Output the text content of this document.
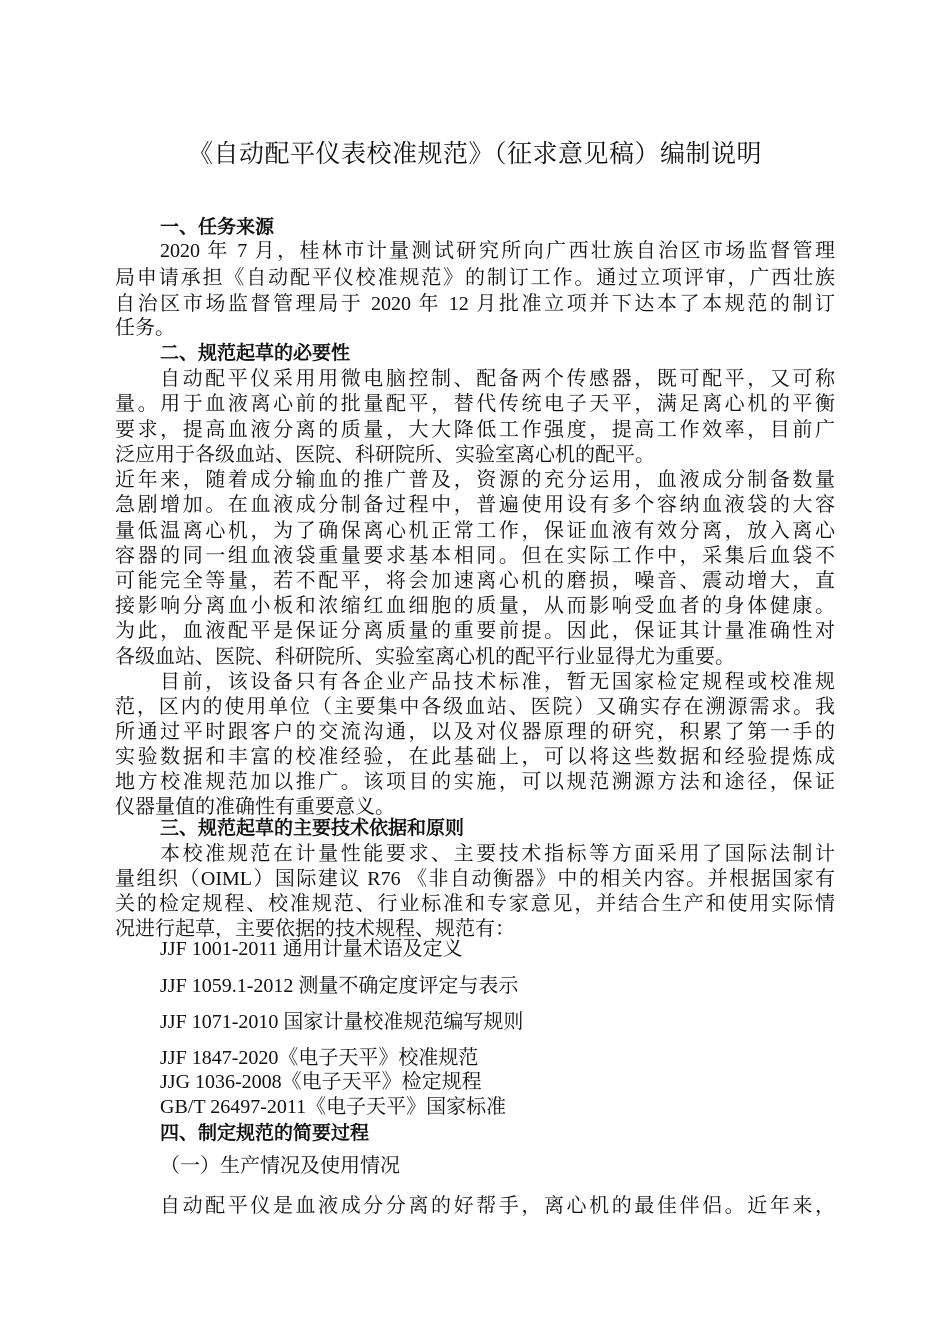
《自动配平仪表校准规范》（征求意见稿）编制说明
一、任务来源
2020 年 7 月，桂林市计量测试研究所向广西壮族自治区市场监督管理
局申请承担《自动配平仪校准规范》的制订工作。通过立项评审，广西壮族
自治区市场监督管理局于 2020 年 12 月批准立项并下达本了本规范的制订
任务。
二、规范起草的必要性
自动配平仪采用用微电脑控制、配备两个传感器，既可配平，又可称
量。用于血液离心前的批量配平，替代传统电子天平，满足离心机的平衡
要求，提高血液分离的质量，大大降低工作强度，提高工作效率，目前广
泛应用于各级血站、医院、科研院所、实验室离心机的配平。
近年来，随着成分输血的推广普及，资源的充分运用，血液成分制备数量
急剧增加。在血液成分制备过程中，普遍使用设有多个容纳血液袋的大容
量低温离心机，为了确保离心机正常工作，保证血液有效分离，放入离心
容器的同一组血液袋重量要求基本相同。但在实际工作中，采集后血袋不
可能完全等量，若不配平，将会加速离心机的磨损，噪音、震动增大，直
接影响分离血小板和浓缩红血细胞的质量，从而影响受血者的身体健康。
为此，血液配平是保证分离质量的重要前提。因此，保证其计量准确性对
各级血站、医院、科研院所、实验室离心机的配平行业显得尤为重要。
目前，该设备只有各企业产品技术标准，暂无国家检定规程或校准规
范，区内的使用单位（主要集中各级血站、医院）又确实存在溯源需求。我
所通过平时跟客户的交流沟通，以及对仪器原理的研究，积累了第一手的
实验数据和丰富的校准经验，在此基础上，可以将这些数据和经验提炼成
地方校准规范加以推广。该项目的实施，可以规范溯源方法和途径，保证
仪器量值的准确性有重要意义。
三、规范起草的主要技术依据和原则
本校准规范在计量性能要求、主要技术指标等方面采用了国际法制计
量组织（OIML）国际建议 R76 《非自动衡器》中的相关内容。并根据国家有
关的检定规程、校准规范、行业标准和专家意见，并结合生产和使用实际情
况进行起草，主要依据的技术规程、规范有：
JJF 1001-2011 通用计量术语及定义
JJF 1059.1-2012 测量不确定度评定与表示
JJF 1071-2010 国家计量校准规范编写规则
JJF 1847-2020《电子天平》校准规范
JJG 1036-2008《电子天平》检定规程
GB/T 26497-2011《电子天平》国家标准
四、制定规范的简要过程
（一）生产情况及使用情况
自动配平仪是血液成分分离的好帮手，离心机的最佳伴侣。近年来，
